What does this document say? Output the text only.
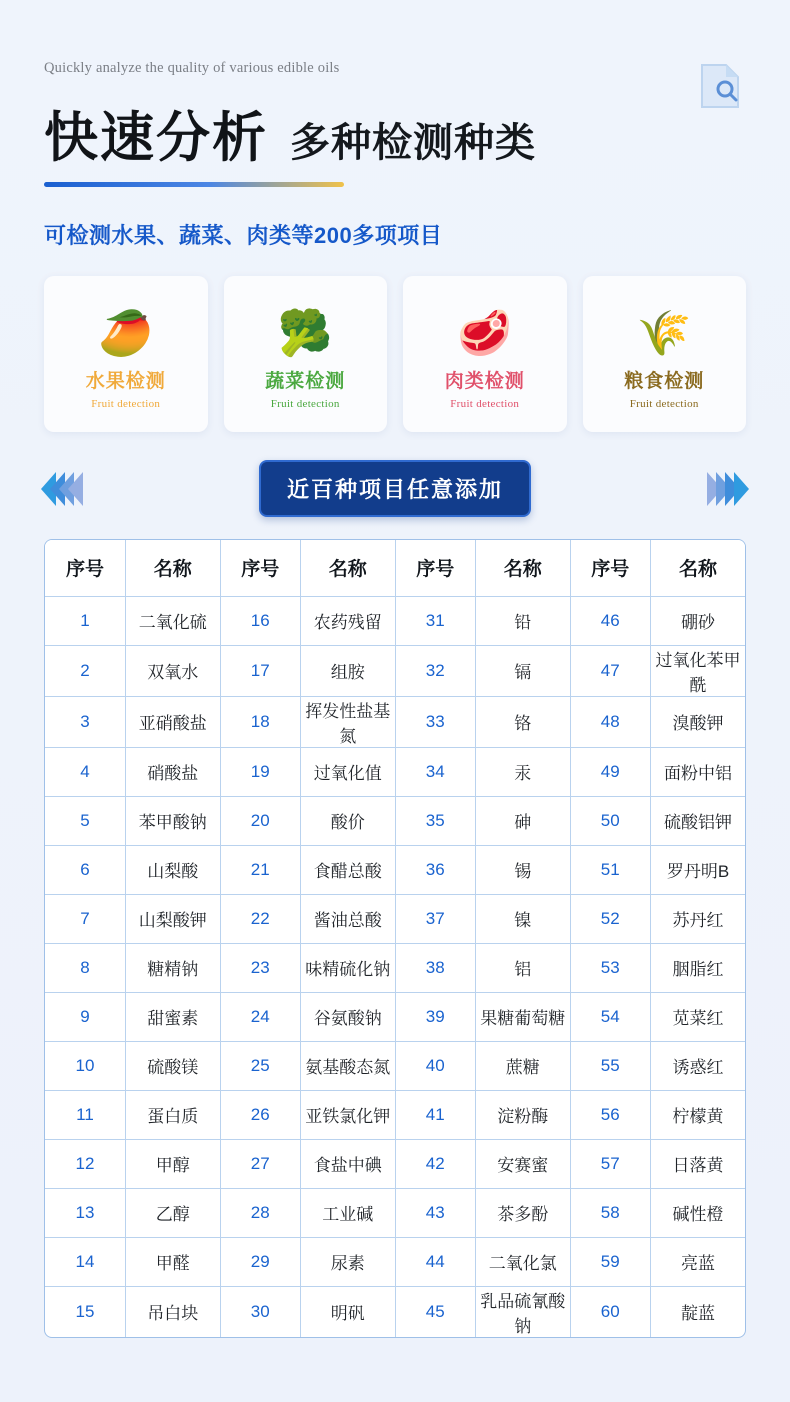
Quickly analyze the quality of various edible oils
快速分析 多种检测种类
可检测水果、蔬菜、肉类等200多项项目
🥭
水果检测
Fruit detection
🥦
蔬菜检测
Fruit detection
🥩
肉类检测
Fruit detection
🌾
粮食检测
Fruit detection
近百种项目任意添加
序号	名称	序号	名称	序号	名称	序号	名称
1	二氧化硫	16	农药残留	31	铅	46	硼砂
2	双氧水	17	组胺	32	镉	47	过氧化苯甲酰
3	亚硝酸盐	18	挥发性盐基氮	33	铬	48	溴酸钾
4	硝酸盐	19	过氧化值	34	汞	49	面粉中铝
5	苯甲酸钠	20	酸价	35	砷	50	硫酸铝钾
6	山梨酸	21	食醋总酸	36	锡	51	罗丹明B
7	山梨酸钾	22	酱油总酸	37	镍	52	苏丹红
8	糖精钠	23	味精硫化钠	38	铝	53	胭脂红
9	甜蜜素	24	谷氨酸钠	39	果糖葡萄糖	54	苋菜红
10	硫酸镁	25	氨基酸态氮	40	蔗糖	55	诱惑红
11	蛋白质	26	亚铁氯化钾	41	淀粉酶	56	柠檬黄
12	甲醇	27	食盐中碘	42	安赛蜜	57	日落黄
13	乙醇	28	工业碱	43	茶多酚	58	碱性橙
14	甲醛	29	尿素	44	二氧化氯	59	亮蓝
15	吊白块	30	明矾	45	乳品硫氰酸钠	60	靛蓝
